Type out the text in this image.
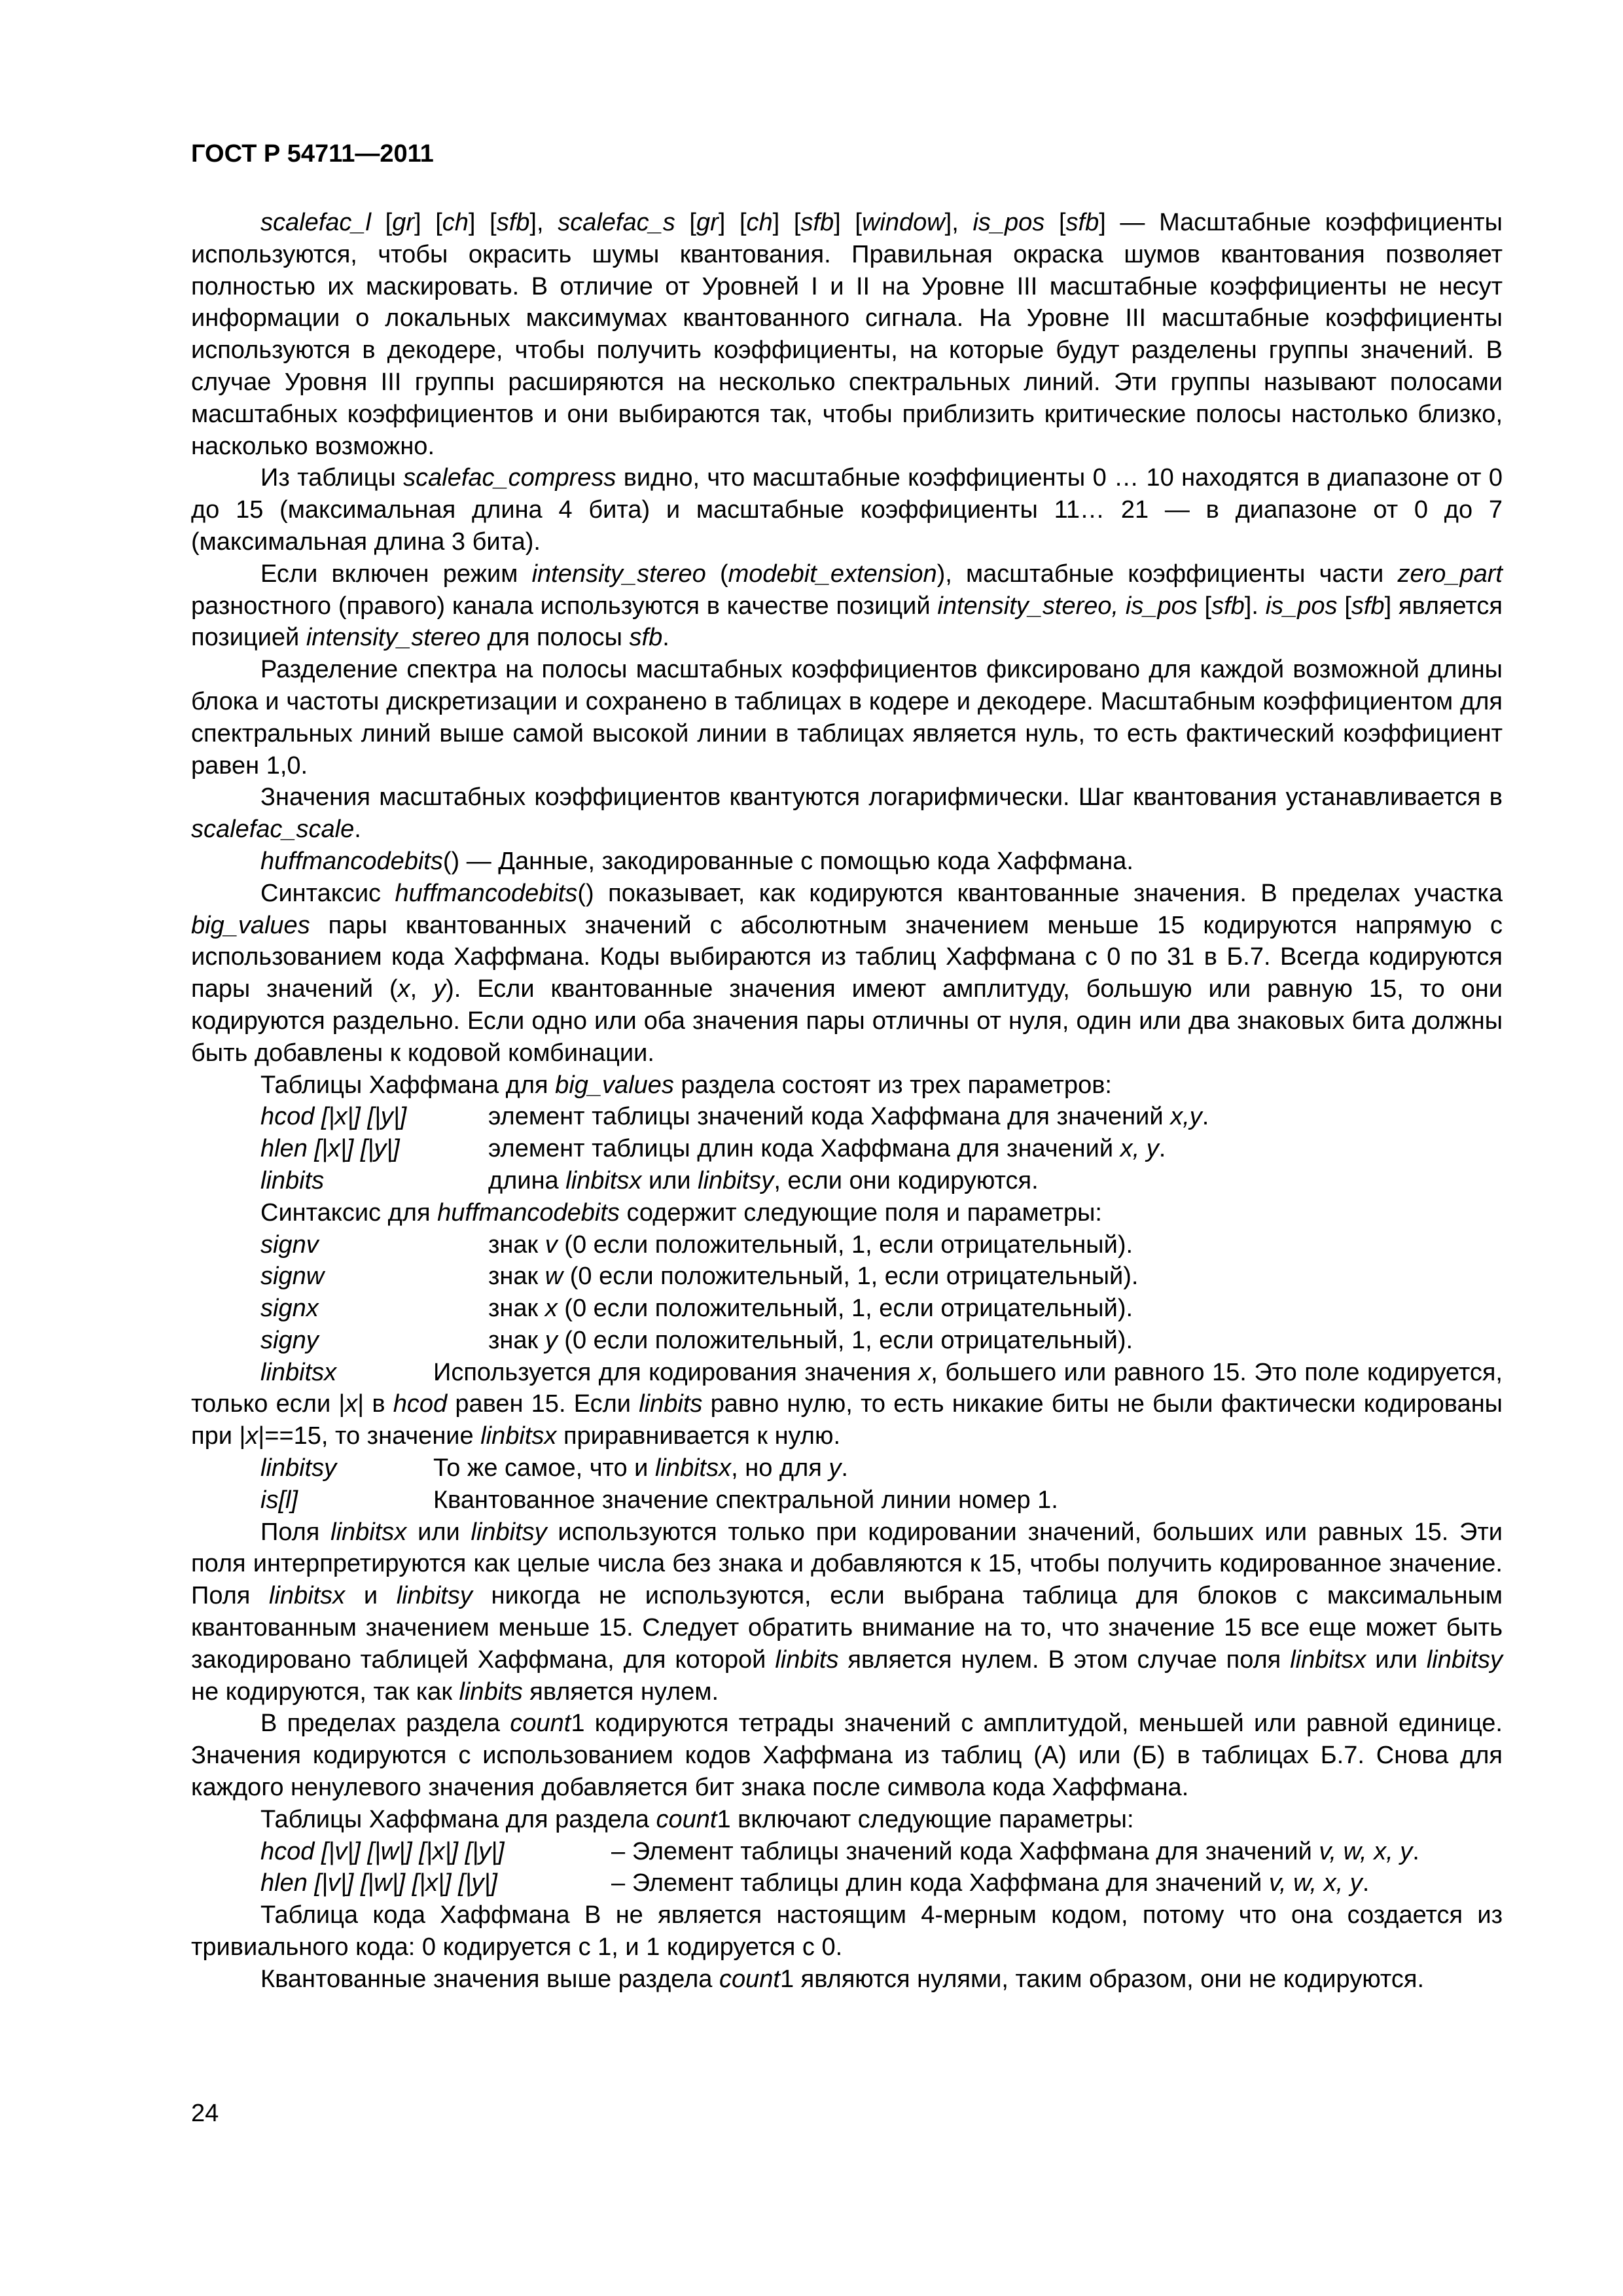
ГОСТ Р 54711—2011

scalefac_l [gr] [ch] [sfb], scalefac_s [gr] [ch] [sfb] [window], is_pos [sfb] — Масштабные коэффициенты используются, чтобы окрасить шумы квантования. Правильная окраска шумов квантования позволяет полностью их маскировать. В отличие от Уровней I и II на Уровне III масштабные коэффициенты не несут информации о локальных максимумах квантованного сигнала. На Уровне III масштабные коэффициенты используются в декодере, чтобы получить коэффициенты, на которые будут разделены группы значений. В случае Уровня III группы расширяются на несколько спектральных линий. Эти группы называют полосами масштабных коэффициентов и они выбираются так, чтобы приблизить критические полосы настолько близко, насколько возможно.

Из таблицы scalefac_compress видно, что масштабные коэффициенты 0 … 10 находятся в диапазоне от 0 до 15 (максимальная длина 4 бита) и масштабные коэффициенты 11… 21 — в диапазоне от 0 до 7 (максимальная длина 3 бита).

Если включен режим intensity_stereo (modebit_extension), масштабные коэффициенты части zero_part разностного (правого) канала используются в качестве позиций intensity_stereo, is_pos [sfb]. is_pos [sfb] является позицией intensity_stereo для полосы sfb.

Разделение спектра на полосы масштабных коэффициентов фиксировано для каждой возможной длины блока и частоты дискретизации и сохранено в таблицах в кодере и декодере. Масштабным коэффициентом для спектральных линий выше самой высокой линии в таблицах является нуль, то есть фактический коэффициент равен 1,0.

Значения масштабных коэффициентов квантуются логарифмически. Шаг квантования устанавливается в scalefac_scale.

huffmancodebits() — Данные, закодированные с помощью кода Хаффмана.

Синтаксис huffmancodebits() показывает, как кодируются квантованные значения. В пределах участка big_values пары квантованных значений с абсолютным значением меньше 15 кодируются напрямую с использованием кода Хаффмана. Коды выбираются из таблиц Хаффмана с 0 по 31 в Б.7. Всегда кодируются пары значений (x, y). Если квантованные значения имеют амплитуду, большую или равную 15, то они кодируются раздельно. Если одно или оба значения пары отличны от нуля, один или два знаковых бита должны быть добавлены к кодовой комбинации.

Таблицы Хаффмана для big_values раздела состоят из трех параметров:

hcod [|x|] [|y|]	элемент таблицы значений кода Хаффмана для значений x,y.
hlen [|x|] [|y|]	элемент таблицы длин кода Хаффмана для значений x, y.
linbits	длина linbitsx или linbitsy, если они кодируются.

Синтаксис для huffmancodebits содержит следующие поля и параметры:

signv	знак v (0 если положительный, 1, если отрицательный).
signw	знак w (0 если положительный, 1, если отрицательный).
signx	знак x (0 если положительный, 1, если отрицательный).
signy	знак y (0 если положительный, 1, если отрицательный).
linbitsx	Используется для кодирования значения x, большего или равного 15. Это поле кодируется, только если |x| в hcod равен 15. Если linbits равно нулю, то есть никакие биты не были фактически кодированы при |x|==15, то значение linbitsx приравнивается к нулю.
linbitsy	То же самое, что и linbitsx, но для y.
is[l]	Квантованное значение спектральной линии номер 1.

Поля linbitsx или linbitsy используются только при кодировании значений, больших или равных 15. Эти поля интерпретируются как целые числа без знака и добавляются к 15, чтобы получить кодированное значение. Поля linbitsx и linbitsy никогда не используются, если выбрана таблица для блоков с максимальным квантованным значением меньше 15. Следует обратить внимание на то, что значение 15 все еще может быть закодировано таблицей Хаффмана, для которой linbits является нулем. В этом случае поля linbitsx или linbitsy не кодируются, так как linbits является нулем.

В пределах раздела count1 кодируются тетрады значений с амплитудой, меньшей или равной единице. Значения кодируются с использованием кодов Хаффмана из таблиц (А) или (Б) в таблицах Б.7. Снова для каждого ненулевого значения добавляется бит знака после символа кода Хаффмана.

Таблицы Хаффмана для раздела count1 включают следующие параметры:

hcod [|v|] [|w|] [|x|] [|y|]	– Элемент таблицы значений кода Хаффмана для значений v, w, x, y.
hlen [|v|] [|w|] [|x|] [|y|]	– Элемент таблицы длин кода Хаффмана для значений v, w, x, y.

Таблица кода Хаффмана В не является настоящим 4-мерным кодом, потому что она создается из тривиального кода: 0 кодируется с 1, и 1 кодируется с 0.

Квантованные значения выше раздела count1 являются нулями, таким образом, они не кодируются.

24
